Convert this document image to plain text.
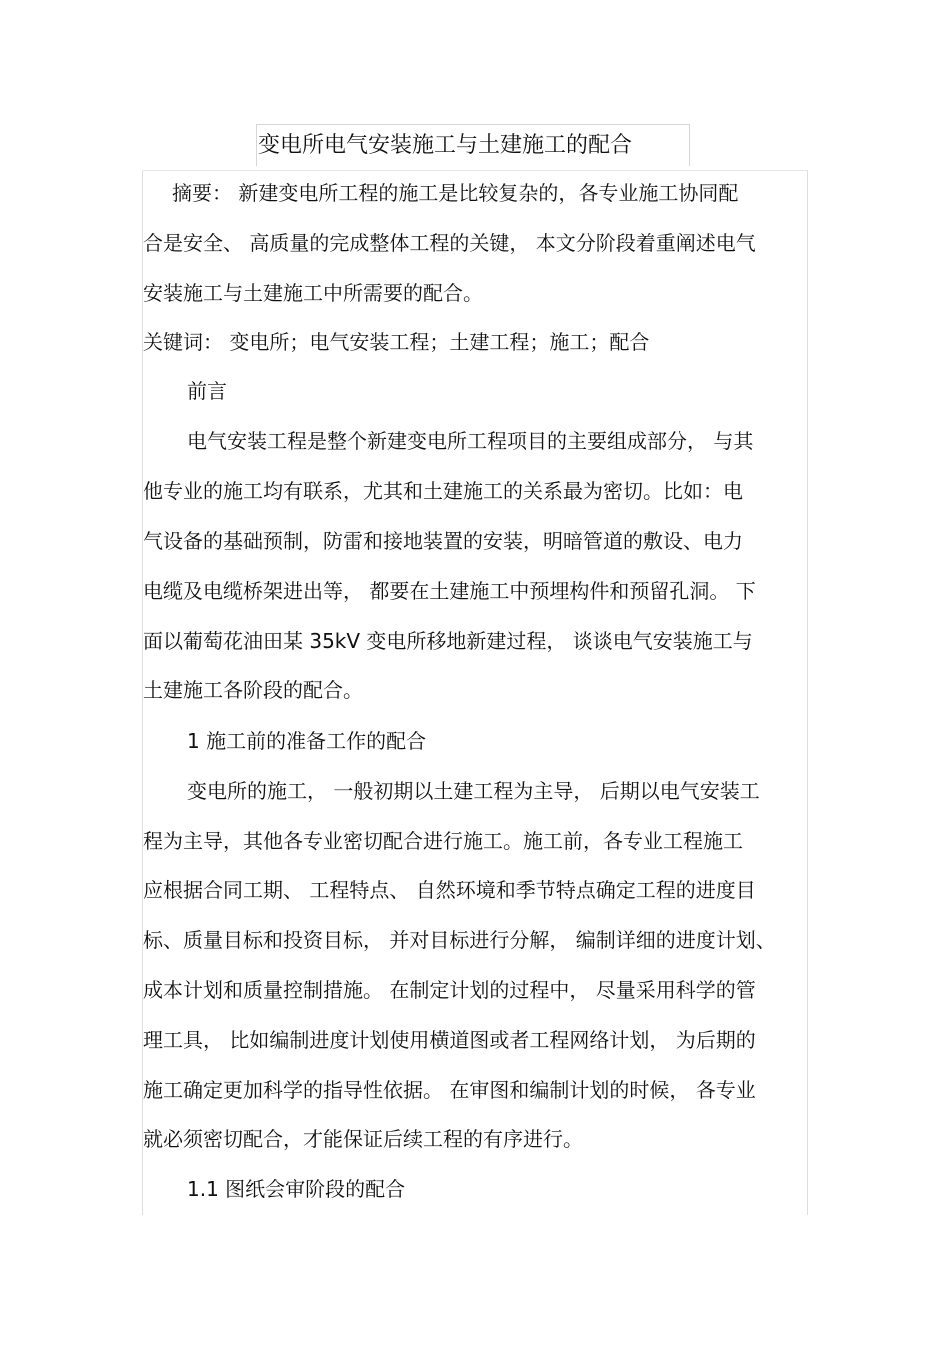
变电所电气安装施工与土建施工的配合
摘要： 新建变电所工程的施工是比较复杂的，各专业施工协同配
合是安全、 高质量的完成整体工程的关键， 本文分阶段着重阐述电气
安装施工与土建施工中所需要的配合。
关键词： 变电所；电气安装工程；土建工程；施工；配合
前言
电气安装工程是整个新建变电所工程项目的主要组成部分， 与其
他专业的施工均有联系，尤其和土建施工的关系最为密切。比如：电
气设备的基础预制，防雷和接地装置的安装，明暗管道的敷设、电力
电缆及电缆桥架进出等， 都要在土建施工中预埋构件和预留孔洞。 下
面以葡萄花油田某 35kV 变电所移地新建过程， 谈谈电气安装施工与
土建施工各阶段的配合。
1 施工前的准备工作的配合
变电所的施工， 一般初期以土建工程为主导， 后期以电气安装工
程为主导，其他各专业密切配合进行施工。施工前，各专业工程施工
应根据合同工期、 工程特点、 自然环境和季节特点确定工程的进度目
标、质量目标和投资目标， 并对目标进行分解， 编制详细的进度计划、
成本计划和质量控制措施。 在制定计划的过程中， 尽量采用科学的管
理工具， 比如编制进度计划使用横道图或者工程网络计划， 为后期的
施工确定更加科学的指导性依据。 在审图和编制计划的时候， 各专业
就必须密切配合，才能保证后续工程的有序进行。
1.1 图纸会审阶段的配合
